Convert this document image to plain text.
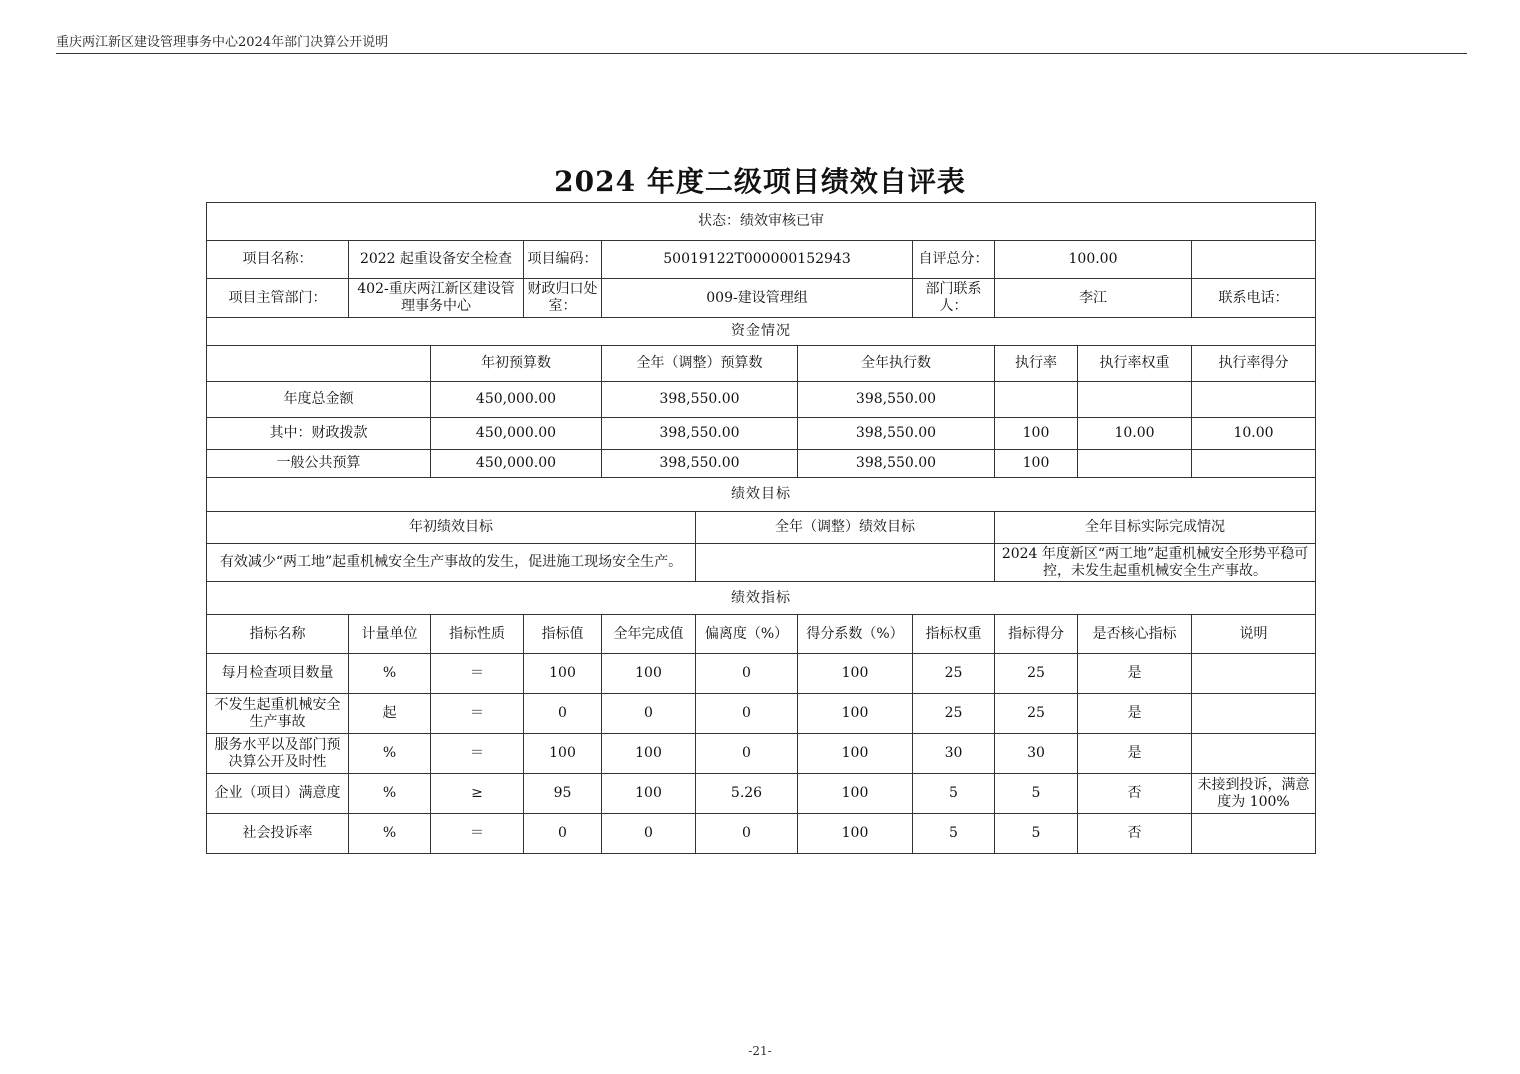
重庆两江新区建设管理事务中心2024年部门决算公开说明
2024 年度二级项目绩效自评表
状态：绩效审核已审										
项目名称：	2022 起重设备安全检查		项目编码：	50019122T000000152943			自评总分：	100.00		
项目主管部门：	402-重庆两江新区建设管理事务中心		财政归口处室：	009-建设管理组			部门联系人：	李江		联系电话：
资金情况										
		年初预算数		全年（调整）预算数		全年执行数		执行率	执行率权重	执行率得分
年度总金额		450,000.00		398,550.00		398,550.00				
其中：财政拨款		450,000.00		398,550.00		398,550.00		100	10.00	10.00
一般公共预算		450,000.00		398,550.00		398,550.00		100		
绩效目标										
年初绩效目标					全年（调整）绩效目标			全年目标实际完成情况		
有效减少“两工地”起重机械安全生产事故的发生，促进施工现场安全生产。								2024 年度新区“两工地”起重机械安全形势平稳可控，未发生起重机械安全生产事故。		
绩效指标										
指标名称	计量单位	指标性质	指标值	全年完成值	偏离度（%）	得分系数（%）	指标权重	指标得分	是否核心指标	说明
每月检查项目数量	%	＝	100	100	0	100	25	25	是	
不发生起重机械安全生产事故	起	＝	0	0	0	100	25	25	是	
服务水平以及部门预决算公开及时性	%	＝	100	100	0	100	30	30	是	
企业（项目）满意度	%	≥	95	100	5.26	100	5	5	否	未接到投诉，满意度为 100%
社会投诉率	%	＝	0	0	0	100	5	5	否	
-21-
